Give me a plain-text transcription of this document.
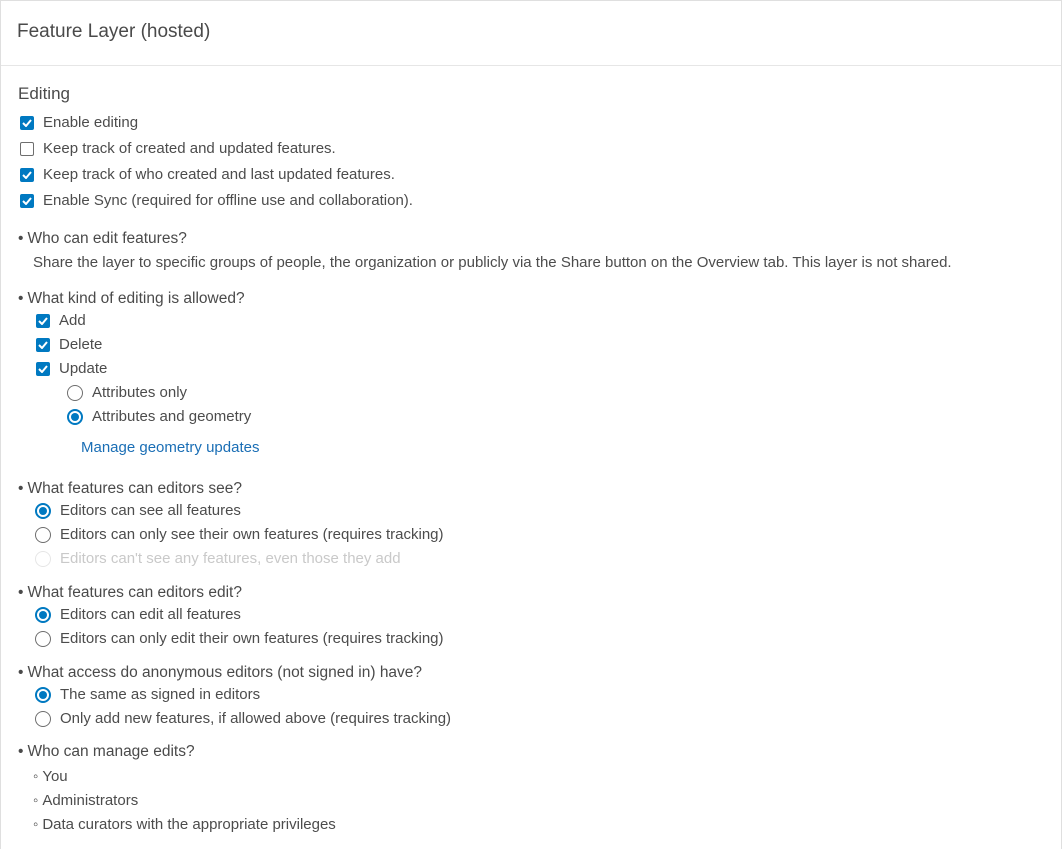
Feature Layer (hosted)
Editing
Enable editing
Keep track of created and updated features.
Keep track of who created and last updated features.
Enable Sync (required for offline use and collaboration).
• Who can edit features?
Share the layer to specific groups of people, the organization or publicly via the Share button on the Overview tab. This layer is not shared.
• What kind of editing is allowed?
Add
Delete
Update
Attributes only
Attributes and geometry
Manage geometry updates
• What features can editors see?
Editors can see all features
Editors can only see their own features (requires tracking)
Editors can't see any features, even those they add
• What features can editors edit?
Editors can edit all features
Editors can only edit their own features (requires tracking)
• What access do anonymous editors (not signed in) have?
The same as signed in editors
Only add new features, if allowed above (requires tracking)
• Who can manage edits?
◦ You
◦ Administrators
◦ Data curators with the appropriate privileges
